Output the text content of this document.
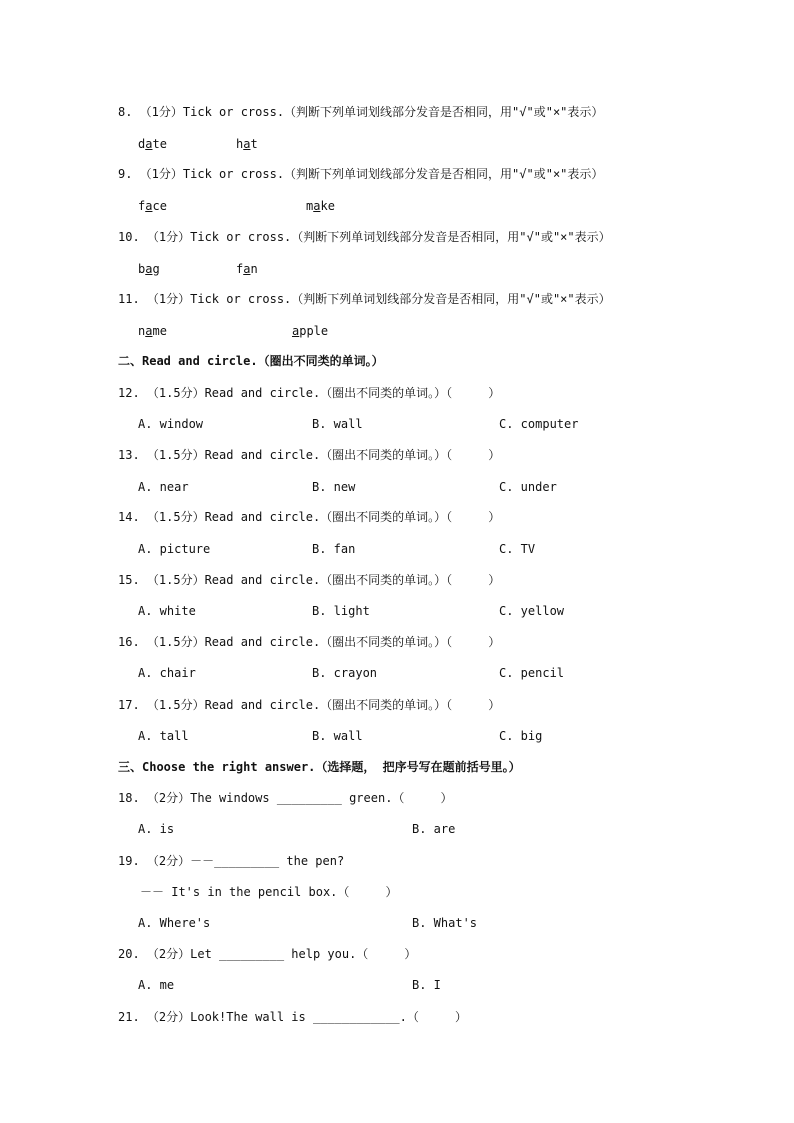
8. （1分）Tick or cross.（判断下列单词划线部分发音是否相同，用"√"或"×"表示）
date	hat
9. （1分）Tick or cross.（判断下列单词划线部分发音是否相同，用"√"或"×"表示）
face	make
10. （1分）Tick or cross.（判断下列单词划线部分发音是否相同，用"√"或"×"表示）
bag	fan
11. （1分）Tick or cross.（判断下列单词划线部分发音是否相同，用"√"或"×"表示）
name	apple
二、Read and circle.（圈出不同类的单词。）
12. （1.5分）Read and circle.（圈出不同类的单词。）（     ）
A. window	B. wall	C. computer
13. （1.5分）Read and circle.（圈出不同类的单词。）（     ）
A. near	B. new	C. under
14. （1.5分）Read and circle.（圈出不同类的单词。）（     ）
A. picture	B. fan	C. TV
15. （1.5分）Read and circle.（圈出不同类的单词。）（     ）
A. white	B. light	C. yellow
16. （1.5分）Read and circle.（圈出不同类的单词。）（     ）
A. chair	B. crayon	C. pencil
17. （1.5分）Read and circle.（圈出不同类的单词。）（     ）
A. tall	B. wall	C. big
三、Choose the right answer.（选择题， 把序号写在题前括号里。）
18. （2分）The windows _________ green.（     ）
A. is	B. are
19. （2分）－－_________ the pen?
－－ It's in the pencil box.（     ）
A. Where's	B. What's
20. （2分）Let _________ help you.（     ）
A. me	B. I
21. （2分）Look!The wall is ____________.（     ）
